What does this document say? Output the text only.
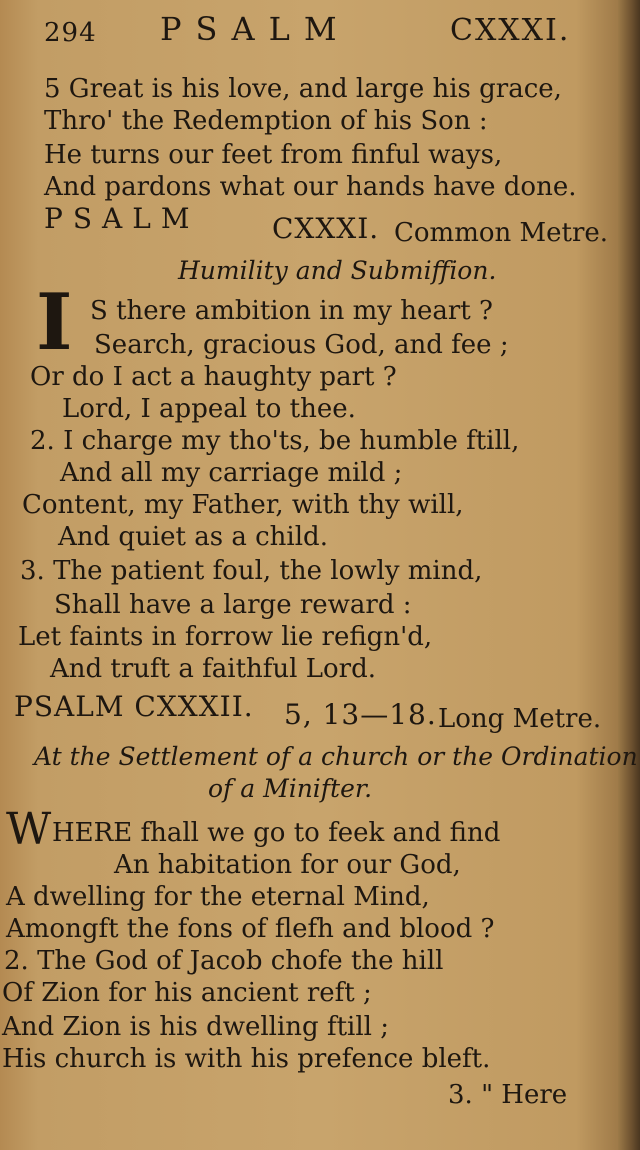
294 PSALM	CXXXI.
5 Great is his love, and large his grace,
Thro' the Redemption of his Son :
He turns our feet from finful ways,
And pardons what our hands have done.
PSALM	CXXXI. Common Metre.
Humility and Submiffion.
I S there ambition in my heart ?
Search, gracious God, and fee ;
Or do I act a haughty part ?
Lord, I appeal to thee.
2. I charge my tho'ts, be humble ftill,
And all my carriage mild ;
Content, my Father, with thy will,
And quiet as a child.
3. The patient foul, the lowly mind,
Shall have a large reward :
Let faints in forrow lie refign'd,
And truft a faithful Lord.
PSALM CXXXII. 5, 13—18. Long Metre.
At the Settlement of a church or the Ordination
of a Minifter.
W HERE fhall we go to feek and find
An habitation for our God,
A dwelling for the eternal Mind,
Amongft the fons of flefh and blood ?
2. The God of Jacob chofe the hill
Of Zion for his ancient reft ;
And Zion is his dwelling ftill ;
His church is with his prefence bleft.
3. " Here
